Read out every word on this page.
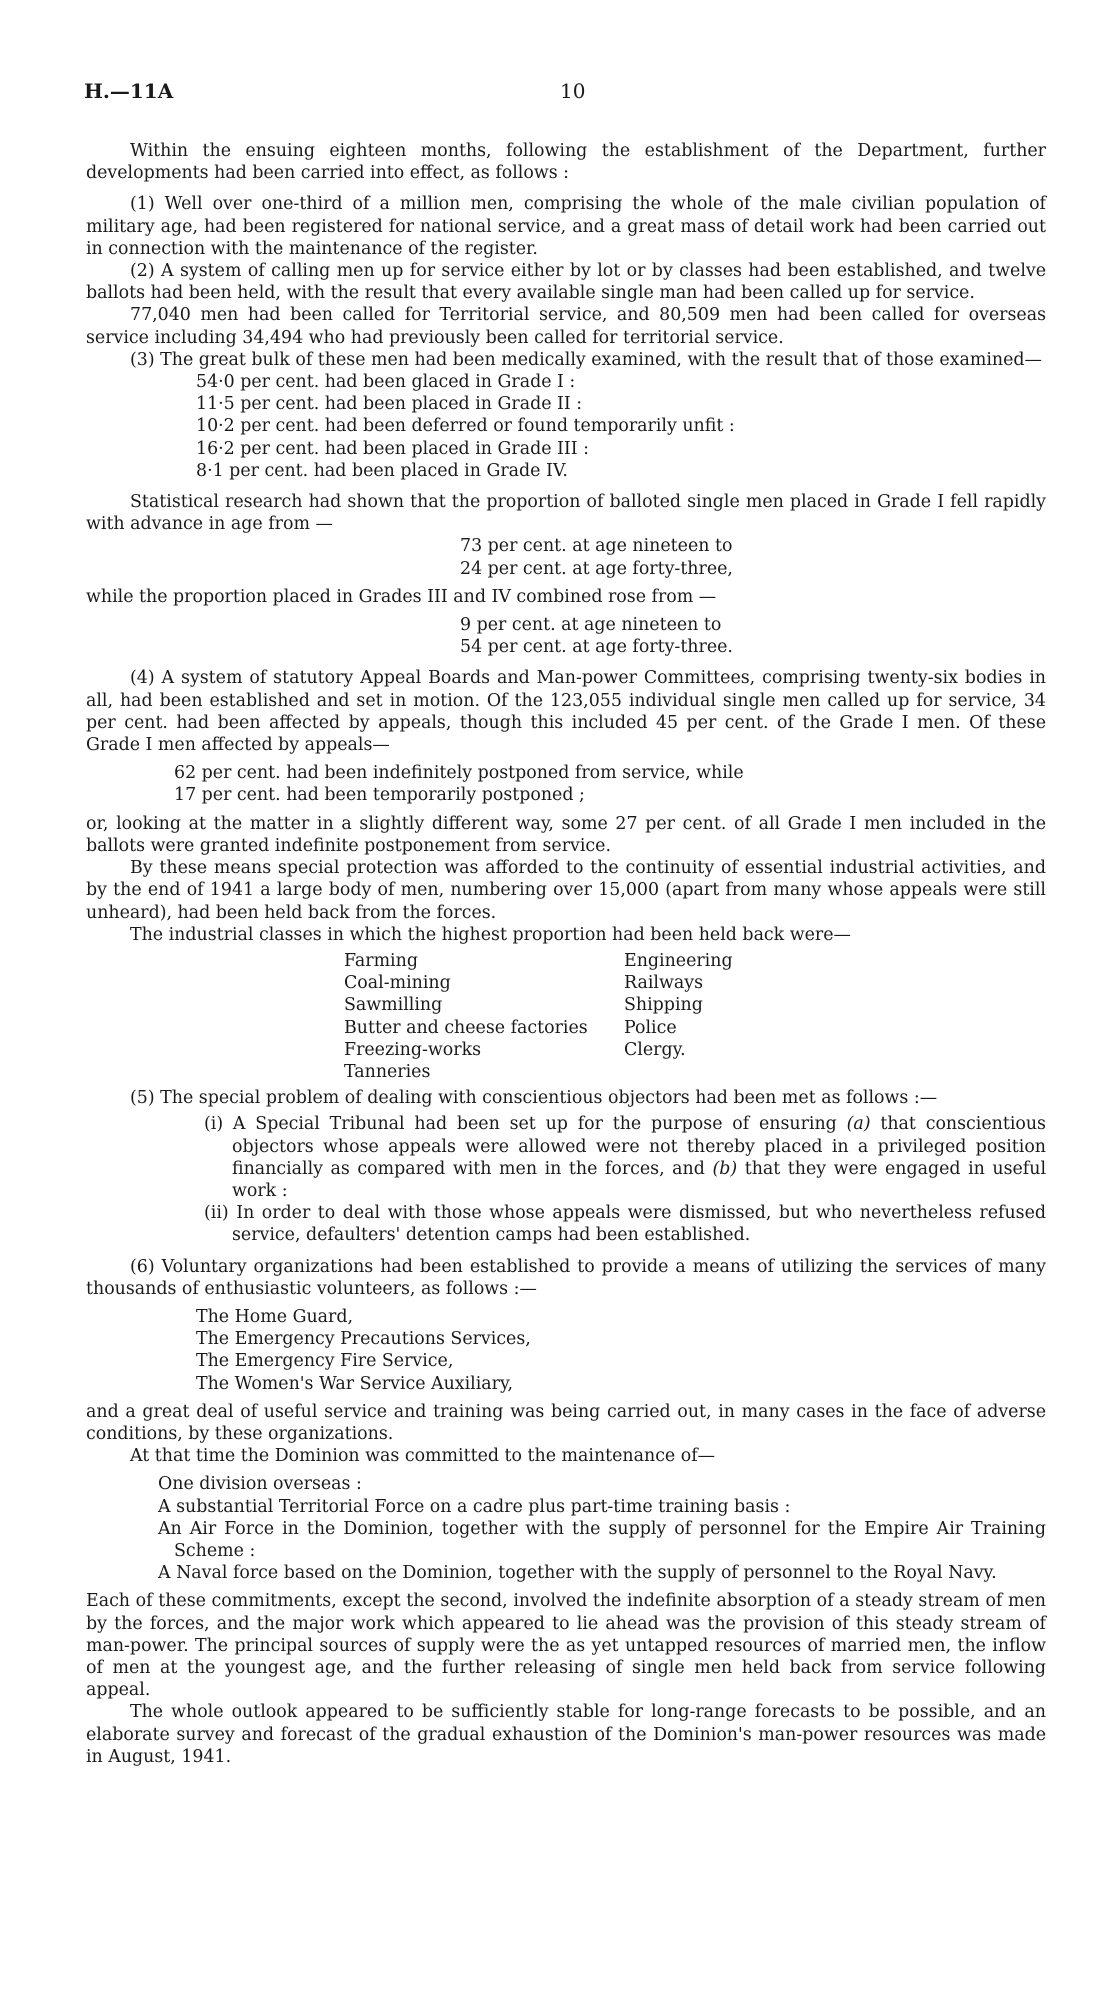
H.—11A	10

Within the ensuing eighteen months, following the establishment of the Department, further developments had been carried into effect, as follows :

(1) Well over one-third of a million men, comprising the whole of the male civilian population of military age, had been registered for national service, and a great mass of detail work had been carried out in connection with the maintenance of the register.

(2) A system of calling men up for service either by lot or by classes had been established, and twelve ballots had been held, with the result that every available single man had been called up for service.

77,040 men had been called for Territorial service, and 80,509 men had been called for overseas service including 34,494 who had previously been called for territorial service.

(3) The great bulk of these men had been medically examined, with the result that of those examined—

54·0 per cent. had been glaced in Grade I :
11·5 per cent. had been placed in Grade II :
10·2 per cent. had been deferred or found temporarily unfit :
16·2 per cent. had been placed in Grade III :
8·1 per cent. had been placed in Grade IV.

Statistical research had shown that the proportion of balloted single men placed in Grade I fell rapidly with advance in age from —

73 per cent. at age nineteen to
24 per cent. at age forty-three,

while the proportion placed in Grades III and IV combined rose from —

9 per cent. at age nineteen to
54 per cent. at age forty-three.

(4) A system of statutory Appeal Boards and Man-power Committees, comprising twenty-six bodies in all, had been established and set in motion. Of the 123,055 individual single men called up for service, 34 per cent. had been affected by appeals, though this included 45 per cent. of the Grade I men. Of these Grade I men affected by appeals—

62 per cent. had been indefinitely postponed from service, while
17 per cent. had been temporarily postponed ;

or, looking at the matter in a slightly different way, some 27 per cent. of all Grade I men included in the ballots were granted indefinite postponement from service.

By these means special protection was afforded to the continuity of essential industrial activities, and by the end of 1941 a large body of men, numbering over 15,000 (apart from many whose appeals were still unheard), had been held back from the forces.

The industrial classes in which the highest proportion had been held back were—

Farming
Coal-mining
Sawmilling
Butter and cheese factories
Freezing-works
Tanneries
Engineering
Railways
Shipping
Police
Clergy.

(5) The special problem of dealing with conscientious objectors had been met as follows :—

(i) A Special Tribunal had been set up for the purpose of ensuring (a) that conscientious objectors whose appeals were allowed were not thereby placed in a privileged position financially as compared with men in the forces, and (b) that they were engaged in useful work :

(ii) In order to deal with those whose appeals were dismissed, but who nevertheless refused service, defaulters' detention camps had been established.

(6) Voluntary organizations had been established to provide a means of utilizing the services of many thousands of enthusiastic volunteers, as follows :—

The Home Guard,
The Emergency Precautions Services,
The Emergency Fire Service,
The Women's War Service Auxiliary,

and a great deal of useful service and training was being carried out, in many cases in the face of adverse conditions, by these organizations.

At that time the Dominion was committed to the maintenance of—

One division overseas :

A substantial Territorial Force on a cadre plus part-time training basis :

An Air Force in the Dominion, together with the supply of personnel for the Empire Air Training Scheme :

A Naval force based on the Dominion, together with the supply of personnel to the Royal Navy.

Each of these commitments, except the second, involved the indefinite absorption of a steady stream of men by the forces, and the major work which appeared to lie ahead was the provision of this steady stream of man-power. The principal sources of supply were the as yet untapped resources of married men, the inflow of men at the youngest age, and the further releasing of single men held back from service following appeal.

The whole outlook appeared to be sufficiently stable for long-range forecasts to be possible, and an elaborate survey and forecast of the gradual exhaustion of the Dominion's man-power resources was made in August, 1941.
